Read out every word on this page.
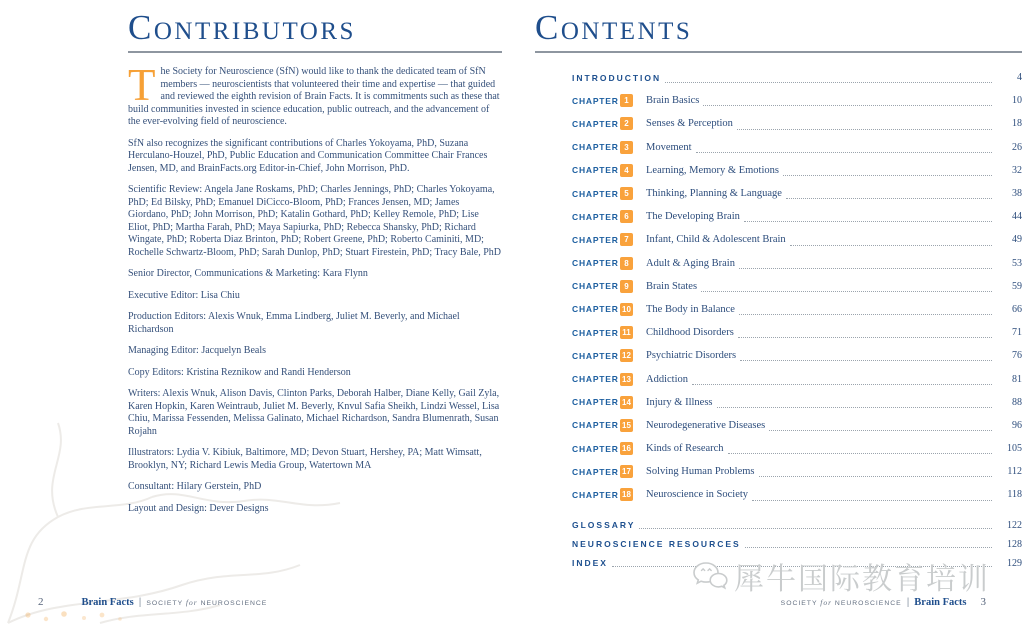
CONTRIBUTORS

The Society for Neuroscience (SfN) would like to thank the dedicated team of SfN members — neuroscientists that volunteered their time and expertise — that guided and reviewed the eighth revision of Brain Facts. It is commitments such as these that build communities invested in science education, public outreach, and the advancement of the ever-evolving field of neuroscience.

SfN also recognizes the significant contributions of Charles Yokoyama, PhD, Suzana Herculano-Houzel, PhD, Public Education and Communication Committee Chair Frances Jensen, MD, and BrainFacts.org Editor-in-Chief, John Morrison, PhD.

Scientific Review: Angela Jane Roskams, PhD; Charles Jennings, PhD; Charles Yokoyama, PhD; Ed Bilsky, PhD; Emanuel DiCicco-Bloom, PhD; Frances Jensen, MD; James Giordano, PhD; John Morrison, PhD; Katalin Gothard, PhD; Kelley Remole, PhD; Lise Eliot, PhD; Martha Farah, PhD; Maya Sapiurka, PhD; Rebecca Shansky, PhD; Richard Wingate, PhD; Roberta Diaz Brinton, PhD; Robert Greene, PhD; Roberto Caminiti, MD; Rochelle Schwartz-Bloom, PhD; Sarah Dunlop, PhD; Stuart Firestein, PhD; Tracy Bale, PhD

Senior Director, Communications & Marketing: Kara Flynn

Executive Editor: Lisa Chiu

Production Editors: Alexis Wnuk, Emma Lindberg, Juliet M. Beverly, and Michael Richardson

Managing Editor: Jacquelyn Beals

Copy Editors: Kristina Reznikow and Randi Henderson

Writers: Alexis Wnuk, Alison Davis, Clinton Parks, Deborah Halber, Diane Kelly, Gail Zyla, Karen Hopkin, Karen Weintraub, Juliet M. Beverly, Knvul Safia Sheikh, Lindzi Wessel, Lisa Chiu, Marissa Fessenden, Melissa Galinato, Michael Richardson, Sandra Blumenrath, Susan Rojahn

Illustrators: Lydia V. Kibiuk, Baltimore, MD; Devon Stuart, Hershey, PA; Matt Wimsatt, Brooklyn, NY; Richard Lewis Media Group, Watertown MA

Consultant: Hilary Gerstein, PhD

Layout and Design: Dever Designs

CONTENTS
INTRODUCTION	4
CHAPTER 1	Brain Basics	10
CHAPTER 2	Senses & Perception	18
CHAPTER 3	Movement	26
CHAPTER 4	Learning, Memory & Emotions	32
CHAPTER 5	Thinking, Planning & Language	38
CHAPTER 6	The Developing Brain	44
CHAPTER 7	Infant, Child & Adolescent Brain	49
CHAPTER 8	Adult & Aging Brain	53
CHAPTER 9	Brain States	59
CHAPTER 10 The Body in Balance	66
CHAPTER 11 Childhood Disorders	71
CHAPTER 12 Psychiatric Disorders	76
CHAPTER 13 Addiction	81
CHAPTER 14 Injury & Illness	88
CHAPTER 15 Neurodegenerative Diseases	96
CHAPTER 16 Kinds of Research	105
CHAPTER 17 Solving Human Problems	112
CHAPTER 18 Neuroscience in Society	118
GLOSSARY	122
NEUROSCIENCE RESOURCES	128
INDEX	129
2	Brain Facts | SOCIETY for NEUROSCIENCE	SOCIETY for NEUROSCIENCE | Brain Facts 3
犀牛国际教育培训
